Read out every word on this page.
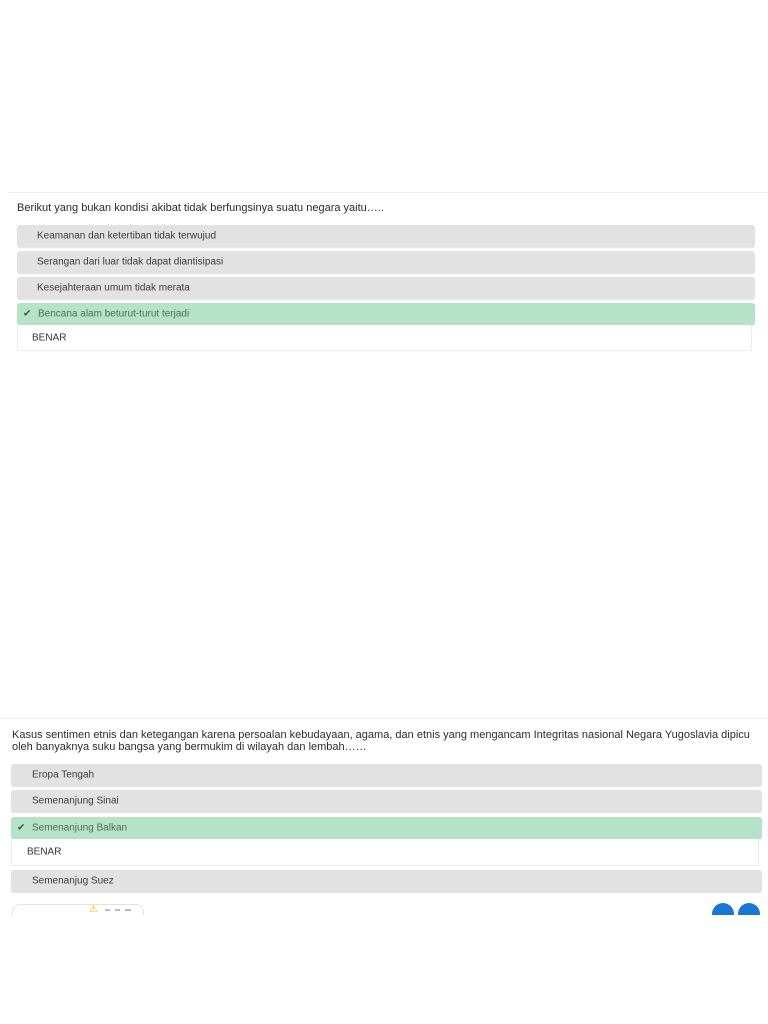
Berikut yang bukan kondisi akibat tidak berfungsinya suatu negara yaitu…..
Keamanan dan ketertiban tidak terwujud
Serangan dari luar tidak dapat diantisipasi
Kesejahteraan umum tidak merata
✔ Bencana alam beturut-turut terjadi
BENAR
Kasus sentimen etnis dan ketegangan karena persoalan kebudayaan, agama, dan etnis yang mengancam Integritas nasional Negara Yugoslavia dipicu oleh banyaknya suku bangsa yang bermukim di wilayah dan lembah……
Eropa Tengah
Semenanjung Sinai
✔ Semenanjung Balkan
BENAR
Semenanjug Suez
⚠
